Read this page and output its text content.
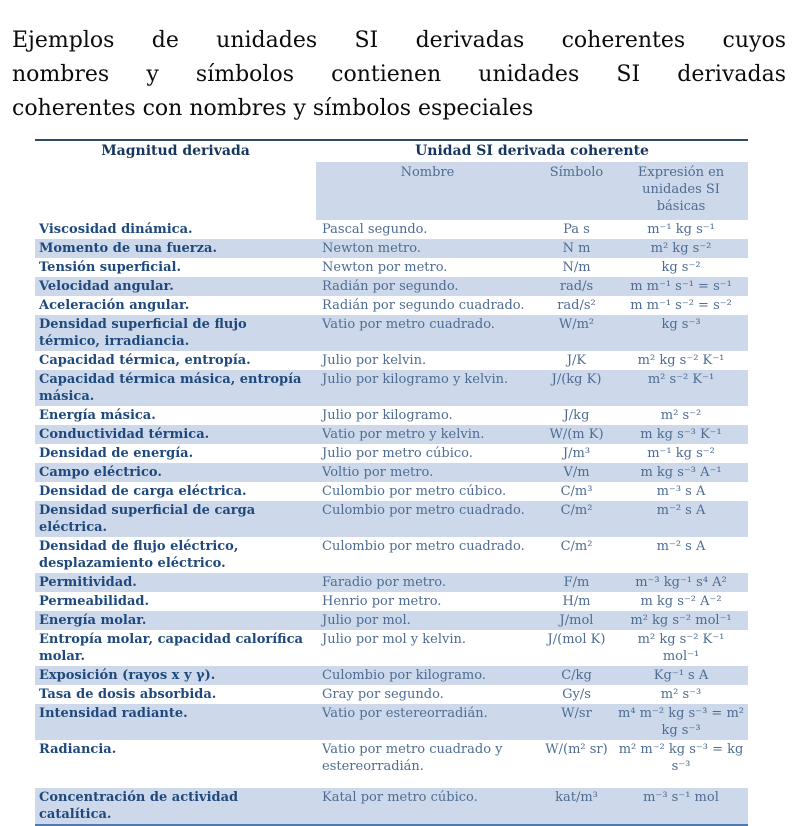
Ejemplos de unidades SI derivadas coherentes cuyos
nombres y símbolos contienen unidades SI derivadas
coherentes con nombres y símbolos especiales
Magnitud derivada	Unidad SI derivada coherente		
	Nombre	Símbolo	Expresión en unidades SI básicas
Viscosidad dinámica.	Pascal segundo.	Pa s	m⁻¹ kg s⁻¹
Momento de una fuerza.	Newton metro.	N m	m² kg s⁻²
Tensión superficial.	Newton por metro.	N/m	kg s⁻²
Velocidad angular.	Radián por segundo.	rad/s	m m⁻¹ s⁻¹ = s⁻¹
Aceleración angular.	Radián por segundo cuadrado.	rad/s²	m m⁻¹ s⁻² = s⁻²
Densidad superficial de flujo térmico, irradiancia.	Vatio por metro cuadrado.	W/m²	kg s⁻³
Capacidad térmica, entropía.	Julio por kelvin.	J/K	m² kg s⁻² K⁻¹
Capacidad térmica másica, entropía másica.	Julio por kilogramo y kelvin.	J/(kg K)	m² s⁻² K⁻¹
Energía másica.	Julio por kilogramo.	J/kg	m² s⁻²
Conductividad térmica.	Vatio por metro y kelvin.	W/(m K)	m kg s⁻³ K⁻¹
Densidad de energía.	Julio por metro cúbico.	J/m³	m⁻¹ kg s⁻²
Campo eléctrico.	Voltio por metro.	V/m	m kg s⁻³ A⁻¹
Densidad de carga eléctrica.	Culombio por metro cúbico.	C/m³	m⁻³ s A
Densidad superficial de carga eléctrica.	Culombio por metro cuadrado.	C/m²	m⁻² s A
Densidad de flujo eléctrico, desplazamiento eléctrico.	Culombio por metro cuadrado.	C/m²	m⁻² s A
Permitividad.	Faradio por metro.	F/m	m⁻³ kg⁻¹ s⁴ A²
Permeabilidad.	Henrio por metro.	H/m	m kg s⁻² A⁻²
Energía molar.	Julio por mol.	J/mol	m² kg s⁻² mol⁻¹
Entropía molar, capacidad calorífica molar.	Julio por mol y kelvin.	J/(mol K)	m² kg s⁻² K⁻¹ mol⁻¹
Exposición (rayos x y γ).	Culombio por kilogramo.	C/kg	Kg⁻¹ s A
Tasa de dosis absorbida.	Gray por segundo.	Gy/s	m² s⁻³
Intensidad radiante.	Vatio por estereorradián.	W/sr	m⁴ m⁻² kg s⁻³ = m² kg s⁻³
Radiancia.	Vatio por metro cuadrado y estereorradián.	W/(m² sr)	m² m⁻² kg s⁻³ = kg s⁻³

Concentración de actividad catalítica.	Katal por metro cúbico.	kat/m³	m⁻³ s⁻¹ mol
